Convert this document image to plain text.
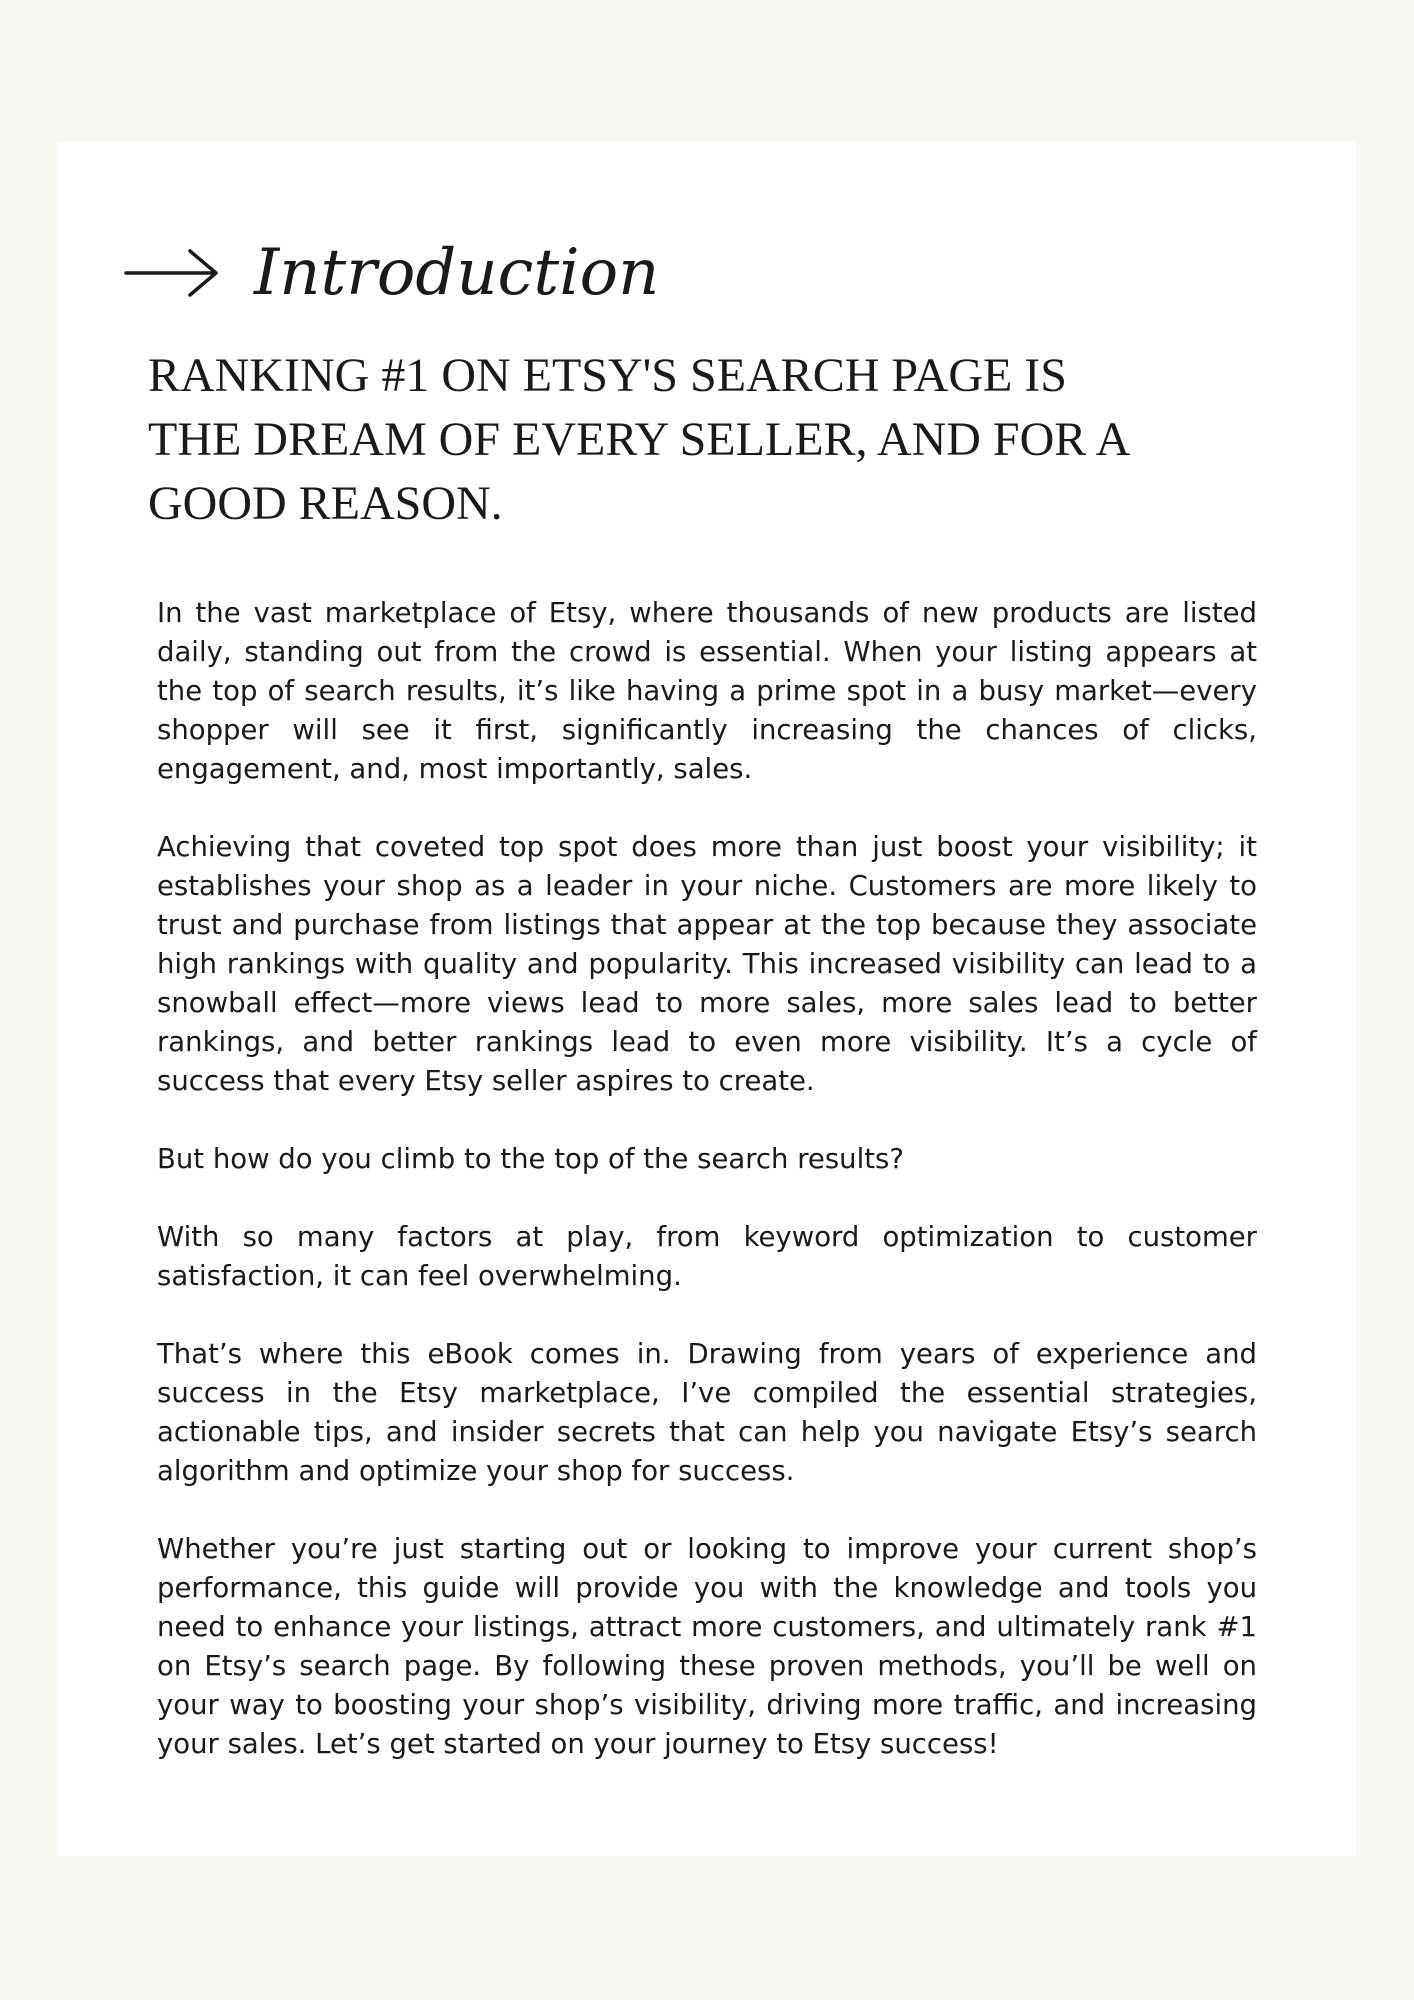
Introduction
RANKING #1 ON ETSY'S SEARCH PAGE IS THE DREAM OF EVERY SELLER, AND FOR A GOOD REASON.

In the vast marketplace of Etsy, where thousands of new products are listed daily, standing out from the crowd is essential. When your listing appears at the top of search results, it’s like having a prime spot in a busy market—every shopper will see it first, significantly increasing the chances of clicks, engagement, and, most importantly, sales.

Achieving that coveted top spot does more than just boost your visibility; it establishes your shop as a leader in your niche. Customers are more likely to trust and purchase from listings that appear at the top because they associate high rankings with quality and popularity. This increased visibility can lead to a snowball effect—more views lead to more sales, more sales lead to better rankings, and better rankings lead to even more visibility. It’s a cycle of success that every Etsy seller aspires to create.

But how do you climb to the top of the search results?

With so many factors at play, from keyword optimization to customer satisfaction, it can feel overwhelming.

That’s where this eBook comes in. Drawing from years of experience and success in the Etsy marketplace, I’ve compiled the essential strategies, actionable tips, and insider secrets that can help you navigate Etsy’s search algorithm and optimize your shop for success.

Whether you’re just starting out or looking to improve your current shop’s performance, this guide will provide you with the knowledge and tools you need to enhance your listings, attract more customers, and ultimately rank #1 on Etsy’s search page. By following these proven methods, you’ll be well on your way to boosting your shop’s visibility, driving more traffic, and increasing your sales. Let’s get started on your journey to Etsy success!
